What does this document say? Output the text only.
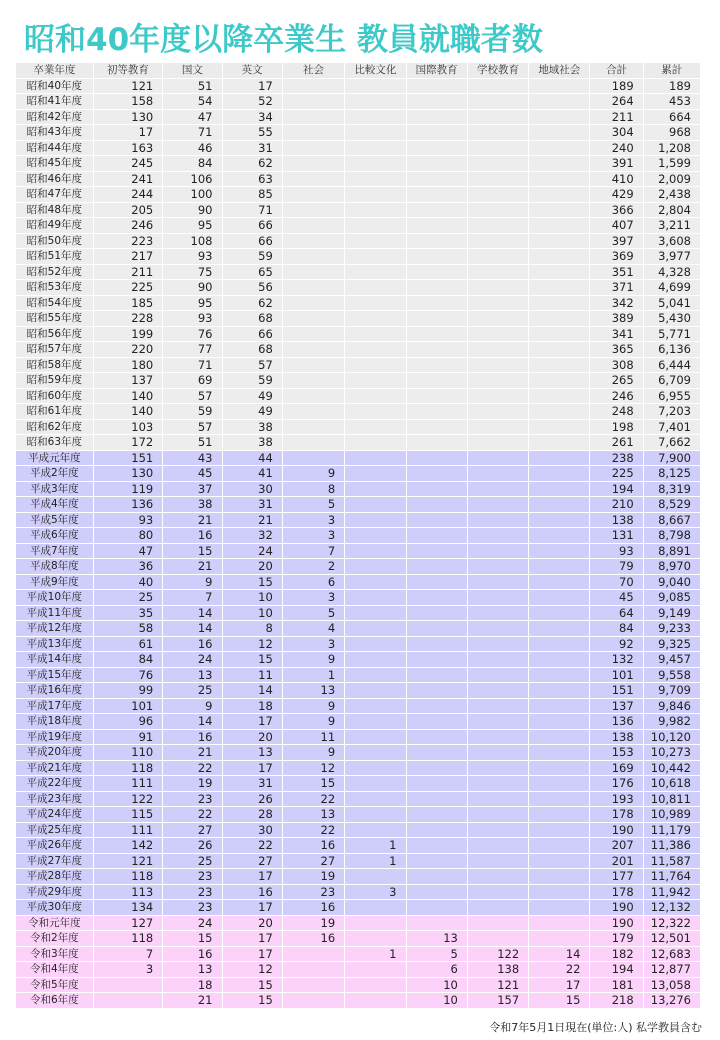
昭和40年度以降卒業生 教員就職者数
卒業年度	初等教育	国文	英文	社会	比較文化	国際教育	学校教育	地域社会	合計	累計
昭和40年度	121	51	17						189	189
昭和41年度	158	54	52						264	453
昭和42年度	130	47	34						211	664
昭和43年度	17	71	55						304	968
昭和44年度	163	46	31						240	1,208
昭和45年度	245	84	62						391	1,599
昭和46年度	241	106	63						410	2,009
昭和47年度	244	100	85						429	2,438
昭和48年度	205	90	71						366	2,804
昭和49年度	246	95	66						407	3,211
昭和50年度	223	108	66						397	3,608
昭和51年度	217	93	59						369	3,977
昭和52年度	211	75	65						351	4,328
昭和53年度	225	90	56						371	4,699
昭和54年度	185	95	62						342	5,041
昭和55年度	228	93	68						389	5,430
昭和56年度	199	76	66						341	5,771
昭和57年度	220	77	68						365	6,136
昭和58年度	180	71	57						308	6,444
昭和59年度	137	69	59						265	6,709
昭和60年度	140	57	49						246	6,955
昭和61年度	140	59	49						248	7,203
昭和62年度	103	57	38						198	7,401
昭和63年度	172	51	38						261	7,662
平成元年度	151	43	44						238	7,900
平成2年度	130	45	41	9					225	8,125
平成3年度	119	37	30	8					194	8,319
平成4年度	136	38	31	5					210	8,529
平成5年度	93	21	21	3					138	8,667
平成6年度	80	16	32	3					131	8,798
平成7年度	47	15	24	7					93	8,891
平成8年度	36	21	20	2					79	8,970
平成9年度	40	9	15	6					70	9,040
平成10年度	25	7	10	3					45	9,085
平成11年度	35	14	10	5					64	9,149
平成12年度	58	14	8	4					84	9,233
平成13年度	61	16	12	3					92	9,325
平成14年度	84	24	15	9					132	9,457
平成15年度	76	13	11	1					101	9,558
平成16年度	99	25	14	13					151	9,709
平成17年度	101	9	18	9					137	9,846
平成18年度	96	14	17	9					136	9,982
平成19年度	91	16	20	11					138	10,120
平成20年度	110	21	13	9					153	10,273
平成21年度	118	22	17	12					169	10,442
平成22年度	111	19	31	15					176	10,618
平成23年度	122	23	26	22					193	10,811
平成24年度	115	22	28	13					178	10,989
平成25年度	111	27	30	22					190	11,179
平成26年度	142	26	22	16	1				207	11,386
平成27年度	121	25	27	27	1				201	11,587
平成28年度	118	23	17	19					177	11,764
平成29年度	113	23	16	23	3				178	11,942
平成30年度	134	23	17	16					190	12,132
令和元年度	127	24	20	19					190	12,322
令和2年度	118	15	17	16		13			179	12,501
令和3年度	7	16	17		1	5	122	14	182	12,683
令和4年度	3	13	12			6	138	22	194	12,877
令和5年度		18	15			10	121	17	181	13,058
令和6年度		21	15			10	157	15	218	13,276
令和7年5月1日現在(単位:人) 私学教員含む
